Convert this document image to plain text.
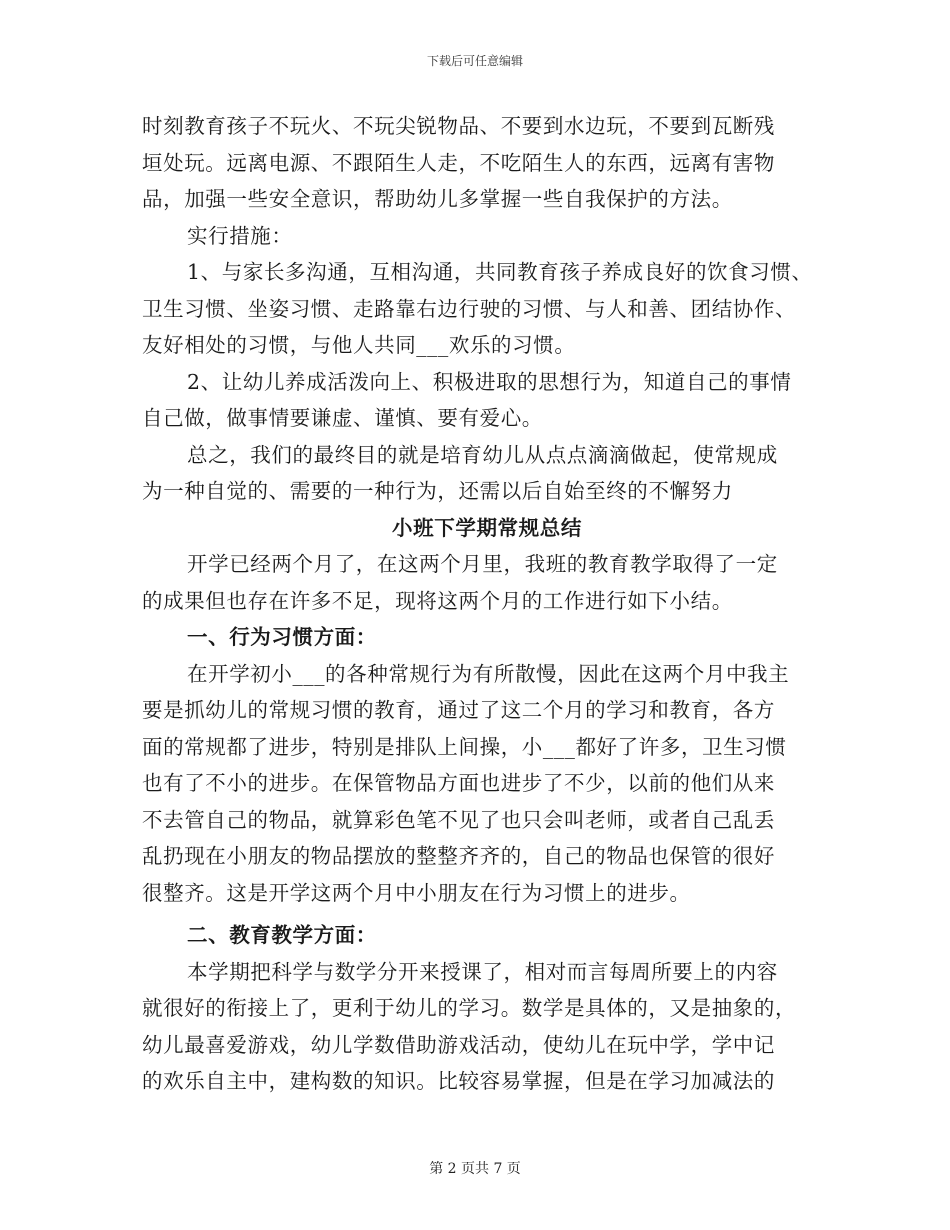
下载后可任意编辑
时刻教育孩子不玩火、不玩尖锐物品、不要到水边玩，不要到瓦断残
垣处玩。远离电源、不跟陌生人走，不吃陌生人的东西，远离有害物
品，加强一些安全意识，帮助幼儿多掌握一些自我保护的方法。
实行措施：
1、与家长多沟通，互相沟通，共同教育孩子养成良好的饮食习惯、
卫生习惯、坐姿习惯、走路靠右边行驶的习惯、与人和善、团结协作、
友好相处的习惯，与他人共同___欢乐的习惯。
2、让幼儿养成活泼向上、积极进取的思想行为，知道自己的事情
自己做，做事情要谦虚、谨慎、要有爱心。
总之，我们的最终目的就是培育幼儿从点点滴滴做起，使常规成
为一种自觉的、需要的一种行为，还需以后自始至终的不懈努力
小班下学期常规总结
开学已经两个月了，在这两个月里，我班的教育教学取得了一定
的成果但也存在许多不足，现将这两个月的工作进行如下小结。
一、行为习惯方面：
在开学初小___的各种常规行为有所散慢，因此在这两个月中我主
要是抓幼儿的常规习惯的教育，通过了这二个月的学习和教育，各方
面的常规都了进步，特别是排队上间操，小___都好了许多，卫生习惯
也有了不小的进步。在保管物品方面也进步了不少，以前的他们从来
不去管自己的物品，就算彩色笔不见了也只会叫老师，或者自己乱丢
乱扔现在小朋友的物品摆放的整整齐齐的，自己的物品也保管的很好
很整齐。这是开学这两个月中小朋友在行为习惯上的进步。
二、教育教学方面：
本学期把科学与数学分开来授课了，相对而言每周所要上的内容
就很好的衔接上了，更利于幼儿的学习。数学是具体的，又是抽象的，
幼儿最喜爱游戏，幼儿学数借助游戏活动，使幼儿在玩中学，学中记
的欢乐自主中，建构数的知识。比较容易掌握，但是在学习加减法的
第 2 页共 7 页
